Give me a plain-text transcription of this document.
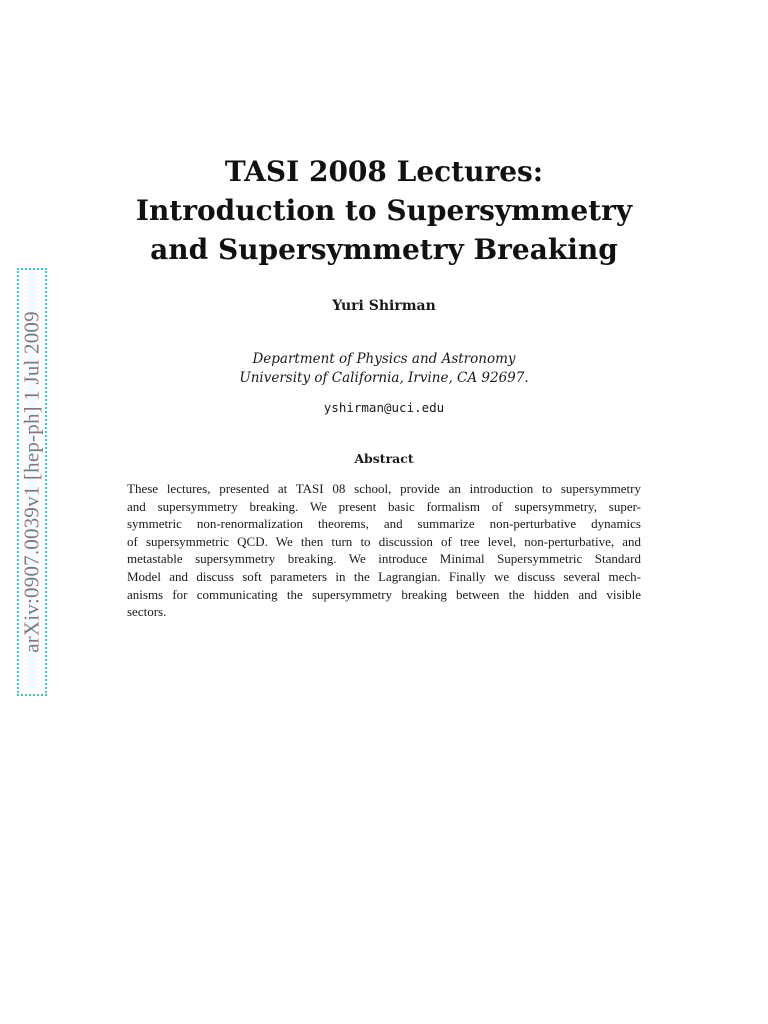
arXiv:0907.0039v1 [hep-ph] 1 Jul 2009
TASI 2008 Lectures:
Introduction to Supersymmetry
and Supersymmetry Breaking
Yuri Shirman
Department of Physics and Astronomy
University of California, Irvine, CA 92697.
yshirman@uci.edu
Abstract
These lectures, presented at TASI 08 school, provide an introduction to supersymmetry
and supersymmetry breaking. We present basic formalism of supersymmetry, super-
symmetric non-renormalization theorems, and summarize non-perturbative dynamics
of supersymmetric QCD. We then turn to discussion of tree level, non-perturbative, and
metastable supersymmetry breaking. We introduce Minimal Supersymmetric Standard
Model and discuss soft parameters in the Lagrangian. Finally we discuss several mech-
anisms for communicating the supersymmetry breaking between the hidden and visible
sectors.
